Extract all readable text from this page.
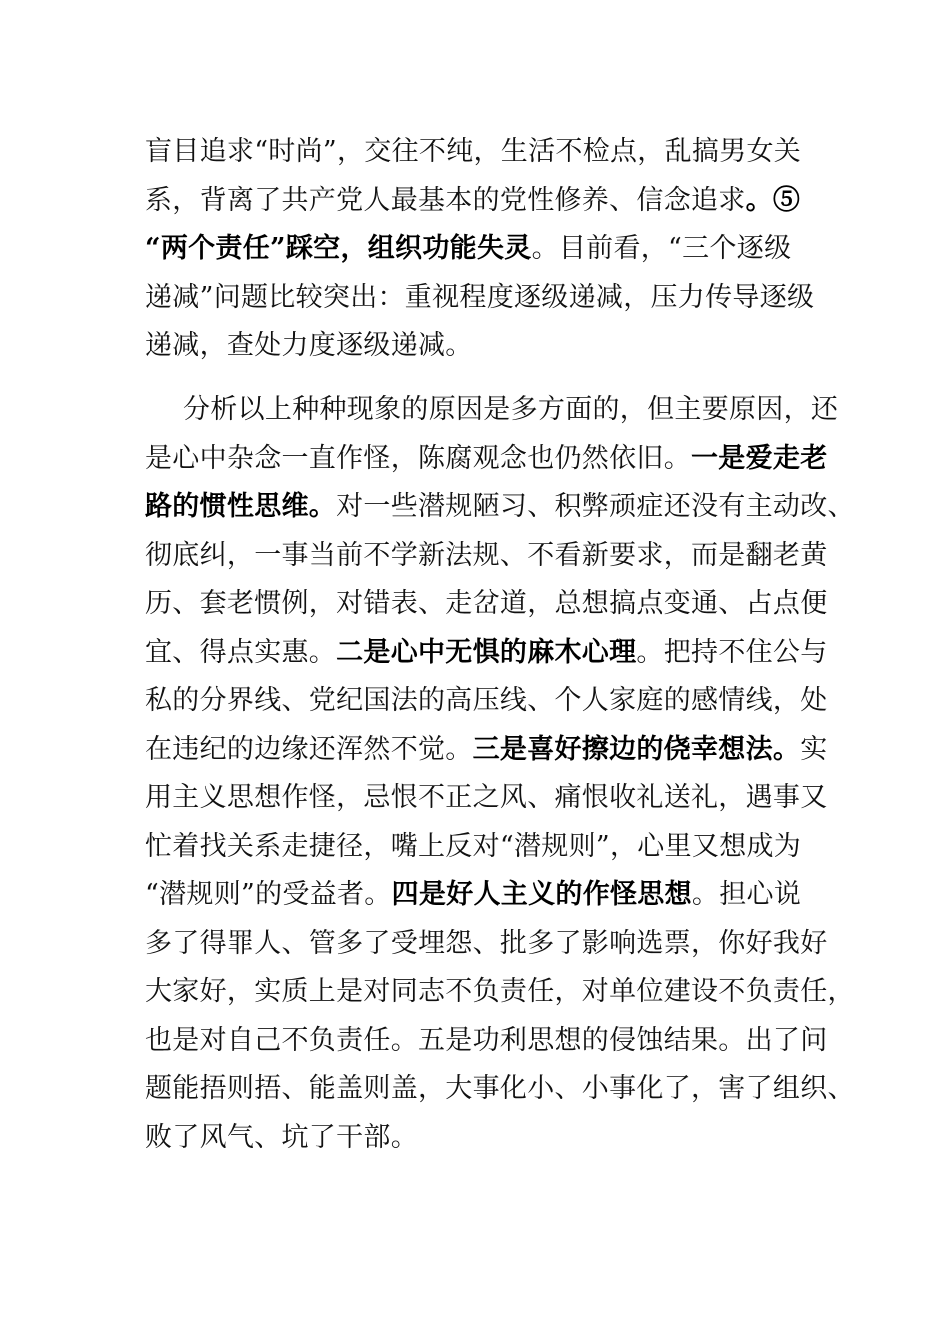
盲目追求“时尚”，交往不纯，生活不检点，乱搞男女关
系，背离了共产党人最基本的党性修养、信念追求。⑤
“两个责任”踩空，组织功能失灵。目前看，“三个逐级
递减”问题比较突出：重视程度逐级递减，压力传导逐级
递减，查处力度逐级递减。
分析以上种种现象的原因是多方面的，但主要原因，还
是心中杂念一直作怪，陈腐观念也仍然依旧。一是爱走老
路的惯性思维。对一些潜规陋习、积弊顽症还没有主动改、
彻底纠，一事当前不学新法规、不看新要求，而是翻老黄
历、套老惯例，对错表、走岔道，总想搞点变通、占点便
宜、得点实惠。二是心中无惧的麻木心理。把持不住公与
私的分界线、党纪国法的高压线、个人家庭的感情线，处
在违纪的边缘还浑然不觉。三是喜好擦边的侥幸想法。实
用主义思想作怪，忌恨不正之风、痛恨收礼送礼，遇事又
忙着找关系走捷径，嘴上反对“潜规则”，心里又想成为
“潜规则”的受益者。四是好人主义的作怪思想。担心说
多了得罪人、管多了受埋怨、批多了影响选票，你好我好
大家好，实质上是对同志不负责任，对单位建设不负责任，
也是对自己不负责任。五是功利思想的侵蚀结果。出了问
题能捂则捂、能盖则盖，大事化小、小事化了，害了组织、
败了风气、坑了干部。
